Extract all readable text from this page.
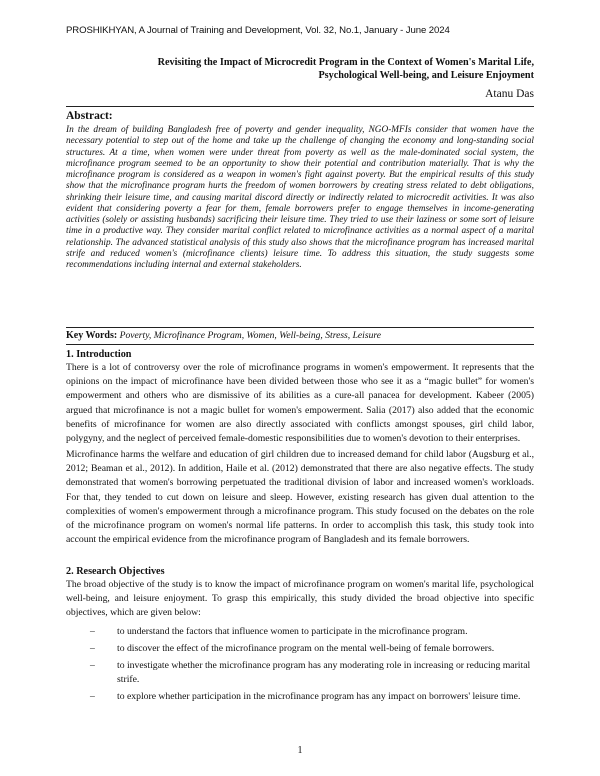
PROSHIKHYAN, A Journal of Training and Development, Vol. 32, No.1, January - June 2024
Revisiting the Impact of Microcredit Program in the Context of Women's Marital Life,
Psychological Well-being, and Leisure Enjoyment
Atanu Das
Abstract:

In the dream of building Bangladesh free of poverty and gender inequality, NGO-MFIs consider that women have the necessary potential to step out of the home and take up the challenge of changing the economy and long-standing social structures. At a time, when women were under threat from poverty as well as the male-dominated social system, the microfinance program seemed to be an opportunity to show their potential and contribution materially. That is why the microfinance program is considered as a weapon in women's fight against poverty. But the empirical results of this study show that the microfinance program hurts the freedom of women borrowers by creating stress related to debt obligations, shrinking their leisure time, and causing marital discord directly or indirectly related to microcredit activities. It was also evident that considering poverty a fear for them, female borrowers prefer to engage themselves in income-generating activities (solely or assisting husbands) sacrificing their leisure time. They tried to use their laziness or some sort of leisure time in a productive way. They consider marital conflict related to microfinance activities as a normal aspect of a marital relationship. The advanced statistical analysis of this study also shows that the microfinance program has increased marital strife and reduced women's (microfinance clients) leisure time. To address this situation, the study suggests some recommendations including internal and external stakeholders.

Key Words: Poverty, Microfinance Program, Women, Well-being, Stress, Leisure
1. Introduction

There is a lot of controversy over the role of microfinance programs in women's empowerment. It represents that the opinions on the impact of microfinance have been divided between those who see it as a “magic bullet” for women's empowerment and others who are dismissive of its abilities as a cure-all panacea for development. Kabeer (2005) argued that microfinance is not a magic bullet for women's empowerment. Salia (2017) also added that the economic benefits of microfinance for women are also directly associated with conflicts amongst spouses, girl child labor, polygyny, and the neglect of perceived female-domestic responsibilities due to women's devotion to their enterprises.

Microfinance harms the welfare and education of girl children due to increased demand for child labor (Augsburg et al., 2012; Beaman et al., 2012). In addition, Haile et al. (2012) demonstrated that there are also negative effects. The study demonstrated that women's borrowing perpetuated the traditional division of labor and increased women's workloads. For that, they tended to cut down on leisure and sleep. However, existing research has given dual attention to the complexities of women's empowerment through a microfinance program. This study focused on the debates on the role of the microfinance program on women's normal life patterns. In order to accomplish this task, this study took into account the empirical evidence from the microfinance program of Bangladesh and its female borrowers.

2. Research Objectives

The broad objective of the study is to know the impact of microfinance program on women's marital life, psychological well-being, and leisure enjoyment. To grasp this empirically, this study divided the broad objective into specific objectives, which are given below:

– to understand the factors that influence women to participate in the microfinance program.
– to discover the effect of the microfinance program on the mental well-being of female borrowers.
– to investigate whether the microfinance program has any moderating role in increasing or reducing marital strife.
– to explore whether participation in the microfinance program has any impact on borrowers' leisure time.
1
